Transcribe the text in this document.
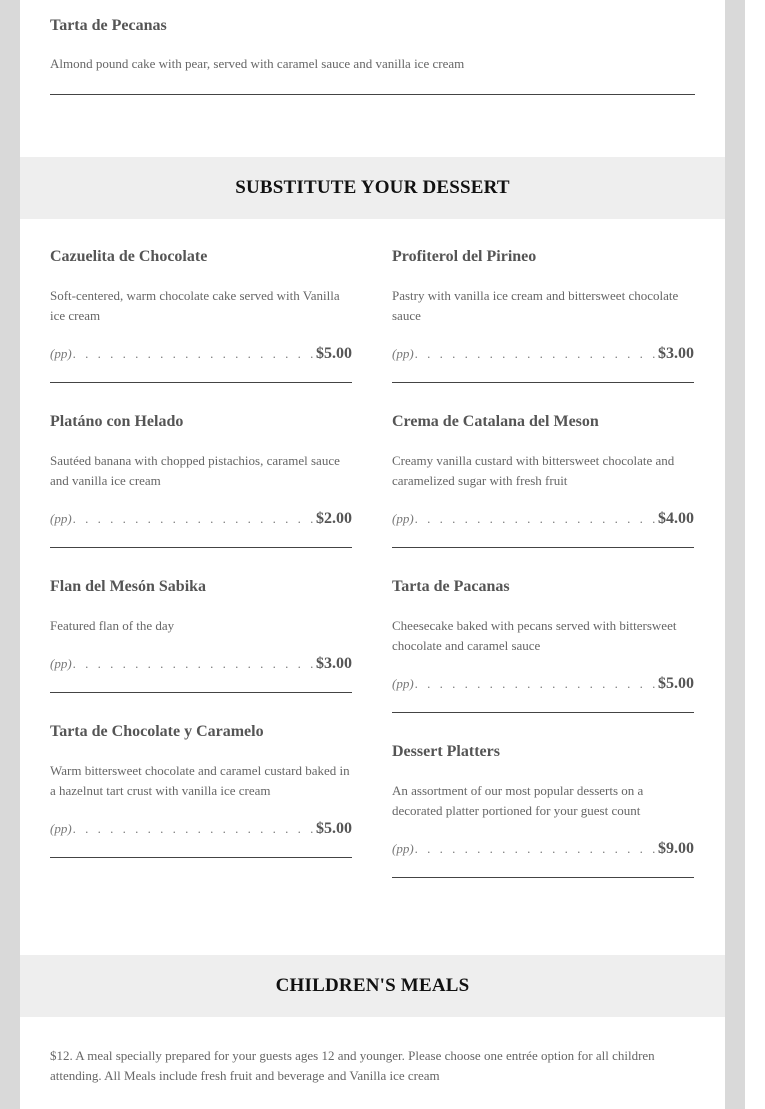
Tarta de Pecanas
Almond pound cake with pear, served with caramel sauce and vanilla ice cream
SUBSTITUTE YOUR DESSERT
Cazuelita de Chocolate
Soft-centered, warm chocolate cake served with Vanilla ice cream
(pp) . . .	$5.00
Platáno con Helado
Sautéed banana with chopped pistachios, caramel sauce and vanilla ice cream
(pp) . . .	$2.00
Flan del Mesón Sabika
Featured flan of the day
(pp) . . .	$3.00
Tarta de Chocolate y Caramelo
Warm bittersweet chocolate and caramel custard baked in a hazelnut tart crust with vanilla ice cream
(pp) . . .	$5.00
Profiterol del Pirineo
Pastry with vanilla ice cream and bittersweet chocolate sauce
(pp) . . .	$3.00
Crema de Catalana del Meson
Creamy vanilla custard with bittersweet chocolate and caramelized sugar with fresh fruit
(pp) . . .	$4.00
Tarta de Pacanas
Cheesecake baked with pecans served with bittersweet chocolate and caramel sauce
(pp) . . .	$5.00
Dessert Platters
An assortment of our most popular desserts on a decorated platter portioned for your guest count
(pp) . . .	$9.00
CHILDREN'S MEALS
$12. A meal specially prepared for your guests ages 12 and younger. Please choose one entrée option for all children attending. All Meals include fresh fruit and beverage and Vanilla ice cream
